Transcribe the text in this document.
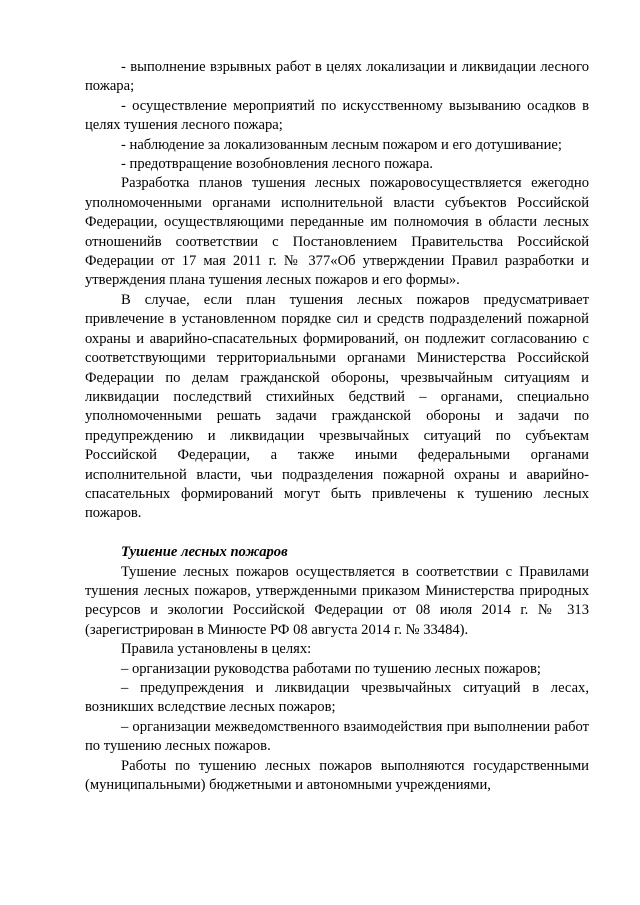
- выполнение взрывных работ в целях локализации и ликвидации лесного пожара;

- осуществление мероприятий по искусственному вызыванию осадков в целях тушения лесного пожара;

- наблюдение за локализованным лесным пожаром и его дотушивание;

- предотвращение возобновления лесного пожара.

Разработка планов тушения лесных пожаровосуществляется ежегодно уполномоченными органами исполнительной власти субъектов Российской Федерации, осуществляющими переданные им полномочия в области лесных отношенийв соответствии с Постановлением Правительства Российской Федерации от 17 мая 2011 г. № 377«Об утверждении Правил разработки и утверждения плана тушения лесных пожаров и его формы».

В случае, если план тушения лесных пожаров предусматривает привлечение в установленном порядке сил и средств подразделений пожарной охраны и аварийно-спасательных формирований, он подлежит согласованию с соответствующими территориальными органами Министерства Российской Федерации по делам гражданской обороны, чрезвычайным ситуациям и ликвидации последствий стихийных бедствий – органами, специально уполномоченными решать задачи гражданской обороны и задачи по предупреждению и ликвидации чрезвычайных ситуаций по субъектам Российской Федерации, а также иными федеральными органами исполнительной власти, чьи подразделения пожарной охраны и аварийно-спасательных формирований могут быть привлечены к тушению лесных пожаров.

Тушение лесных пожаров

Тушение лесных пожаров осуществляется в соответствии с Правилами тушения лесных пожаров, утвержденными приказом Министерства природных ресурсов и экологии Российской Федерации от 08 июля 2014 г. № 313 (зарегистрирован в Минюсте РФ 08 августа 2014 г. № 33484).

Правила установлены в целях:

– организации руководства работами по тушению лесных пожаров;

– предупреждения и ликвидации чрезвычайных ситуаций в лесах, возникших вследствие лесных пожаров;

– организации межведомственного взаимодействия при выполнении работ по тушению лесных пожаров.

Работы по тушению лесных пожаров выполняются государственными (муниципальными) бюджетными и автономными учреждениями,
